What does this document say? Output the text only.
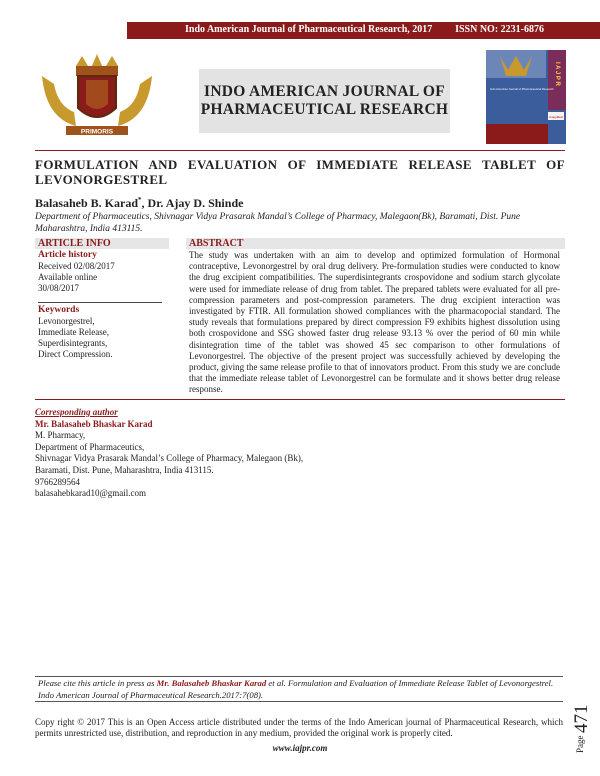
Indo American Journal of Pharmaceutical Research, 2017 ISSN NO: 2231-6876
PRIMORIS
INDO AMERICAN JOURNAL OF
PHARMACEUTICAL RESEARCH
I A J P R
Indo American Journal of Pharmaceutical Research
CopyRed
FORMULATION AND EVALUATION OF IMMEDIATE RELEASE TABLET OF LEVONORGESTREL
Balasaheb B. Karad*, Dr. Ajay D. Shinde
Department of Pharmaceutics, Shivnagar Vidya Prasarak Mandal’s College of Pharmacy, Malegaon(Bk), Baramati, Dist. Pune Maharashtra, India 413115.
ARTICLE INFO	ABSTRACT
Article history
Received 02/08/2017
Available online
30/08/2017
Keywords
Levonorgestrel,
Immediate Release,
Superdisintegrants,
Direct Compression.
The study was undertaken with an aim to develop and optimized formulation of Hormonal contraceptive, Levonorgestrel by oral drug delivery. Pre-formulation studies were conducted to know the drug excipient compatibilities. The superdisintegrants crospovidone and sodium starch glycolate were used for immediate release of drug from tablet. The prepared tablets were evaluated for all pre-compression parameters and post-compression parameters. The drug excipient interaction was investigated by FTIR. All formulation showed compliances with the pharmacopocial standard. The study reveals that formulations prepared by direct compression F9 exhibits highest dissolution using both crospovidone and SSG showed faster drug release 93.13 % over the period of 60 min while disintegration time of the tablet was showed 45 sec comparison to other formulations of Levonorgestrel. The objective of the present project was successfully achieved by developing the product, giving the same release profile to that of innovators product. From this study we are conclude that the immediate release tablet of Levonorgestrel can be formulate and it shows better drug release response.
Corresponding author
Mr. Balasaheb Bhaskar Karad
M. Pharmacy,
Department of Pharmaceutics,
Shivnagar Vidya Prasarak Mandal’s College of Pharmacy, Malegaon (Bk),
Baramati, Dist. Pune, Maharashtra, India 413115.
9766289564
balasahebkarad10@gmail.com
Please cite this article in press as Mr. Balasaheb Bhaskar Karad et al. Formulation and Evaluation of Immediate Release Tablet of Levonorgestrel. Indo American Journal of Pharmaceutical Research.2017:7(08).
Page
471
Copy right © 2017 This is an Open Access article distributed under the terms of the Indo American journal of Pharmaceutical Research, which permits unrestricted use, distribution, and reproduction in any medium, provided the original work is properly cited.
www.iajpr.com
